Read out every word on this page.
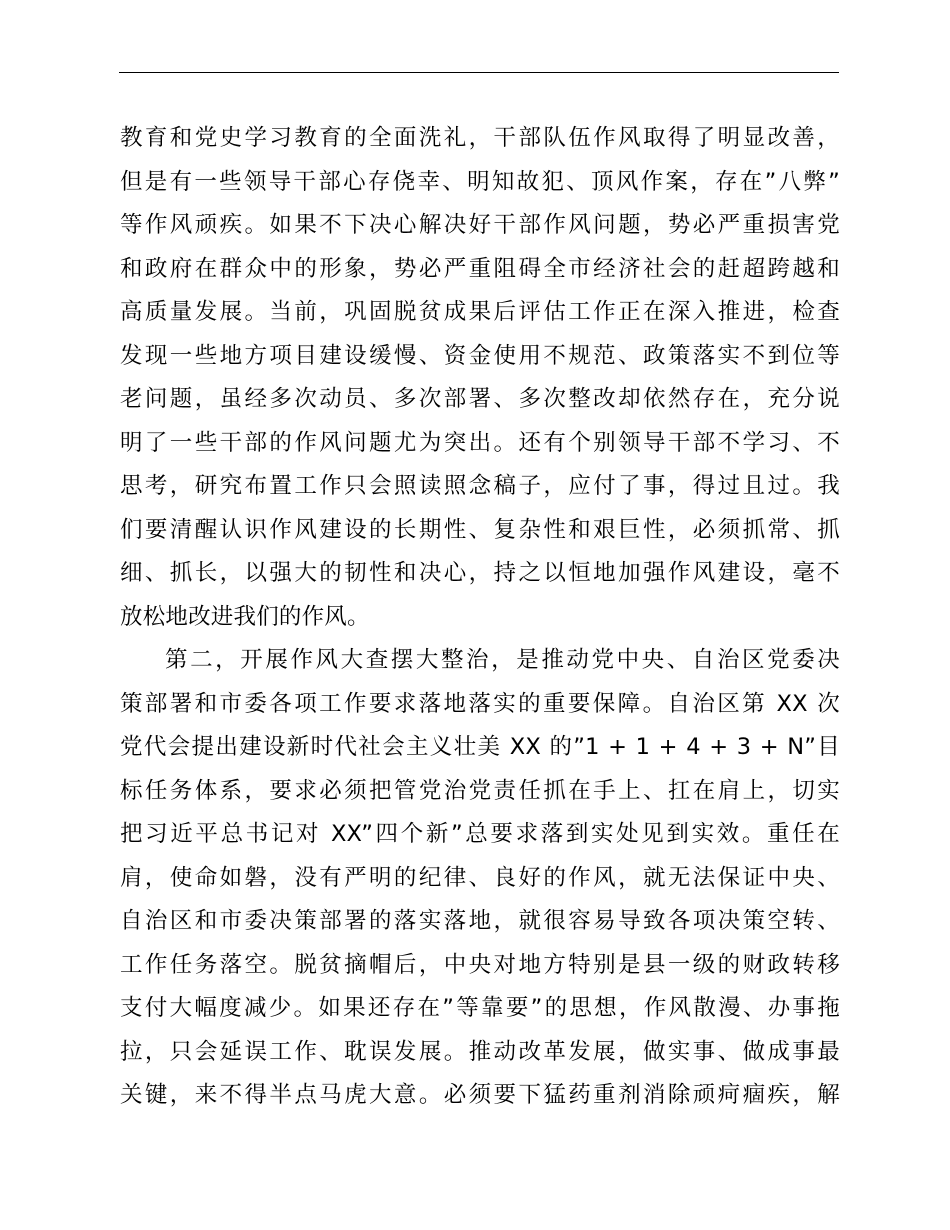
教育和党史学习教育的全面洗礼，干部队伍作风取得了明显改善，
但是有一些领导干部心存侥幸、明知故犯、顶风作案，存在”八弊”
等作风顽疾。如果不下决心解决好干部作风问题，势必严重损害党
和政府在群众中的形象，势必严重阻碍全市经济社会的赶超跨越和
高质量发展。当前，巩固脱贫成果后评估工作正在深入推进，检查
发现一些地方项目建设缓慢、资金使用不规范、政策落实不到位等
老问题，虽经多次动员、多次部署、多次整改却依然存在，充分说
明了一些干部的作风问题尤为突出。还有个别领导干部不学习、不
思考，研究布置工作只会照读照念稿子，应付了事，得过且过。我
们要清醒认识作风建设的长期性、复杂性和艰巨性，必须抓常、抓
细、抓长，以强大的韧性和决心，持之以恒地加强作风建设，毫不
放松地改进我们的作风。
第二，开展作风大查摆大整治，是推动党中央、自治区党委决
策部署和市委各项工作要求落地落实的重要保障。自治区第 XX 次
党代会提出建设新时代社会主义壮美 XX 的”1 + 1 + 4 + 3 + N”目
标任务体系，要求必须把管党治党责任抓在手上、扛在肩上，切实
把习近平总书记对 XX”四个新”总要求落到实处见到实效。重任在
肩，使命如磐，没有严明的纪律、良好的作风，就无法保证中央、
自治区和市委决策部署的落实落地，就很容易导致各项决策空转、
工作任务落空。脱贫摘帽后，中央对地方特别是县一级的财政转移
支付大幅度减少。如果还存在”等靠要”的思想，作风散漫、办事拖
拉，只会延误工作、耽误发展。推动改革发展，做实事、做成事最
关键，来不得半点马虎大意。必须要下猛药重剂消除顽疴痼疾，解
